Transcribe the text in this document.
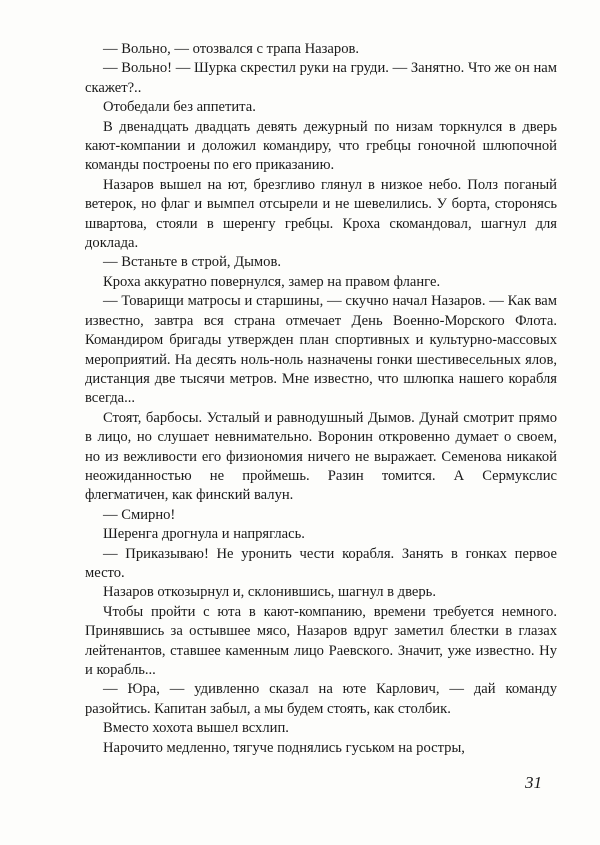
— Вольно, — отозвался с трапа Назаров.

— Вольно! — Шурка скрестил руки на груди. — Занятно. Что же он нам скажет?..

Отобедали без аппетита.

В двенадцать двадцать девять дежурный по низам торкнулся в дверь кают-компании и доложил командиру, что гребцы гоночной шлюпочной команды построены по его приказанию.

Назаров вышел на ют, брезгливо глянул в низкое небо. Полз поганый ветерок, но флаг и вымпел отсырели и не шевелились. У борта, сторонясь швартова, стояли в шеренгу гребцы. Кроха скомандовал, шагнул для доклада.

— Встаньте в строй, Дымов.

Кроха аккуратно повернулся, замер на правом фланге.

— Товарищи матросы и старшины, — скучно начал Назаров. — Как вам известно, завтра вся страна отмечает День Военно-Морского Флота. Командиром бригады утвержден план спортивных и культурно-массовых мероприятий. На десять ноль-ноль назначены гонки шестивесельных ялов, дистанция две тысячи метров. Мне известно, что шлюпка нашего корабля всегда...

Стоят, барбосы. Усталый и равнодушный Дымов. Дунай смотрит прямо в лицо, но слушает невнимательно. Воронин откровенно думает о своем, но из вежливости его физиономия ничего не выражает. Семенова никакой неожиданностью не проймешь. Разин томится. А Сермукслис флегматичен, как финский валун.

— Смирно!

Шеренга дрогнула и напряглась.

— Приказываю! Не уронить чести корабля. Занять в гонках первое место.

Назаров откозырнул и, склонившись, шагнул в дверь.

Чтобы пройти с юта в кают-компанию, времени требуется немного. Принявшись за остывшее мясо, Назаров вдруг заметил блестки в глазах лейтенантов, ставшее каменным лицо Раевского. Значит, уже известно. Ну и корабль...

— Юра, — удивленно сказал на юте Карлович, — дай команду разойтись. Капитан забыл, а мы будем стоять, как столбик.

Вместо хохота вышел всхлип.

Нарочито медленно, тягуче поднялись гуськом на ростры,

31
